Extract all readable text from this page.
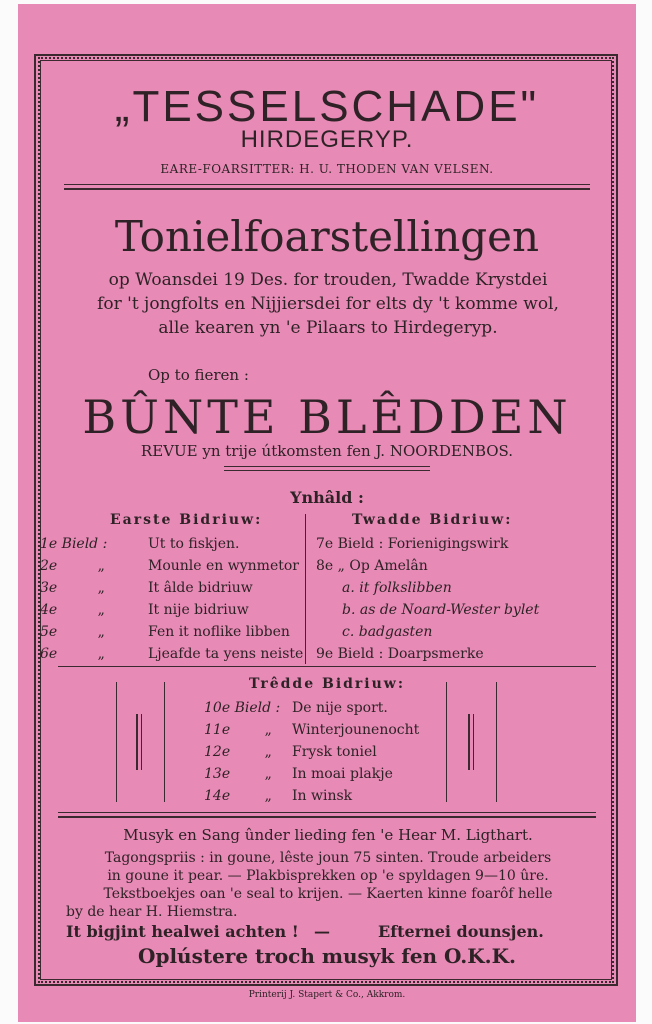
„TESSELSCHADE"
HIRDEGERYP.
EARE-FOARSITTER: H. U. THODEN VAN VELSEN.
Tonielfoarstellingen
op Woansdei 19 Des. for trouden, Twadde Krystdei
for 't jongfolts en Nijjiersdei for elts dy 't komme wol,
alle kearen yn 'e Pilaars to Hirdegeryp.
Op to fieren :
BÛNTE BLÊDDEN
REVUE yn trije útkomsten fen J. NOORDENBOS.
Ynhâld :
Earste Bidriuw:
1e Bield :	Ut to fiskjen.
2e	„	Mounle en wynmetor
3e	„	It âlde bidriuw
4e	„	It nije bidriuw
5e	„	Fen it noflike libben
6e	„	Ljeafde ta yens neiste
Twadde Bidriuw:
7e Bield : Forienigingswirk
8e „ Op Amelân
a. it folkslibben
b. as de Noard-Wester bylet
c. badgasten
9e Bield : Doarpsmerke
Trêdde Bidriuw:
10e Bield : De nije sport.
11e „ Winterjounenocht
12e „ Frysk toniel
13e „ In moai plakje
14e „ In winsk
Musyk en Sang ûnder lieding fen 'e Hear M. Ligthart.
Tagongspriis : in goune, lêste joun 75 sinten. Troude arbeiders
in goune it pear. — Plakbisprekken op 'e spyldagen 9—10 ûre.
Tekstboekjes oan 'e seal to krijen. — Kaerten kinne foarôf helle
by de hear H. Hiemstra.
It bigjint healwei achten ! —	Efternei dounsjen.
Oplústere troch musyk fen O.K.K.
Printerij J. Stapert & Co., Akkrom.
